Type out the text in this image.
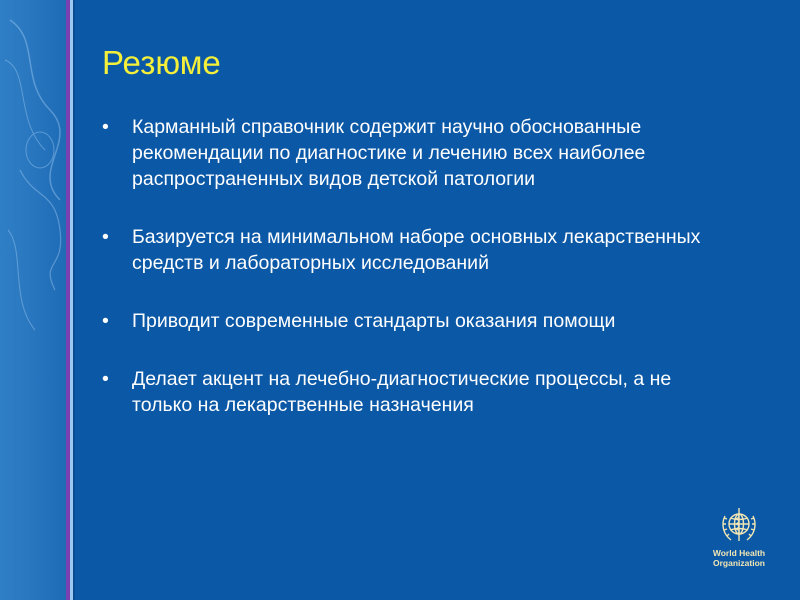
Резюме
• Карманный справочник содержит научно обоснованные рекомендации по диагностике и лечению всех наиболее распространенных видов детской патологии
• Базируется на минимальном наборе основных лекарственных средств и лабораторных исследований
• Приводит современные стандарты оказания помощи
• Делает акцент на лечебно-диагностические процессы, а не только на лекарственные назначения
World Health
Organization
